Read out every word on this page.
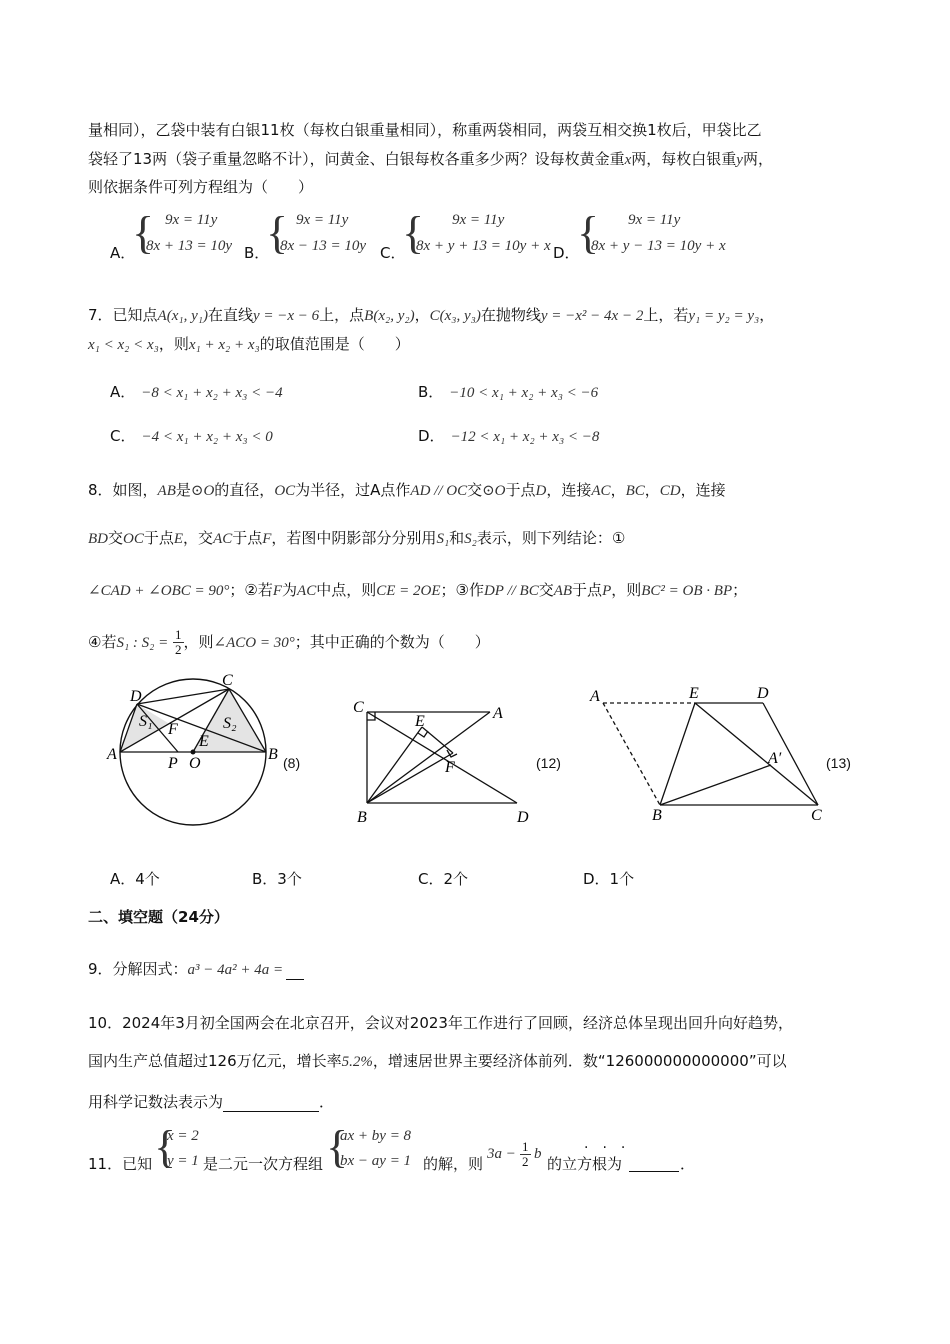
量相同），乙袋中装有白银11枚（每枚白银重量相同），称重两袋相同，两袋互相交换1枚后，甲袋比乙
袋轻了13两（袋子重量忽略不计），问黄金、白银每枚各重多少两？设每枚黄金重x两，每枚白银重y两，
则依据条件可列方程组为（　　）
A．
{ 9x = 11y
8x + 13 = 10y B．
{ 9x = 11y
8x − 13 = 10y C．
{ 9x = 11y
8x + y + 13 = 10y + x D．
{ 9x = 11y
8x + y − 13 = 10y + x
7．已知点A(x₁, y₁)在直线y = −x − 6上，点B(x₂, y₂)，C(x₃, y₃)在抛物线y = −x² − 4x − 2上，若y₁ = y₂ = y₃，
x₁ < x₂ < x₃，则x₁ + x₂ + x₃的取值范围是（　　）
A． −8 < x₁ + x₂ + x₃ < −4	B． −10 < x₁ + x₂ + x₃ < −6
C． −4 < x₁ + x₂ + x₃ < 0	D． −12 < x₁ + x₂ + x₃ < −8
8．如图，AB是⊙O的直径，OC为半径，过A点作AD // OC交⊙O于点D，连接AC，BC，CD，连接
BD交OC于点E，交AC于点F，若图中阴影部分分别用S₁和S₂表示，则下列结论：①
∠CAD + ∠OBC = 90°；②若F为AC中点，则CE = 2OE；③作DP // BC交AB于点P，则BC² = OB · BP；
④若S₁ : $S_2 = \frac{1}{2}$ ，则∠ACO = 30°；其中正确的个数为（　　）
D
C
S₁	S₂
F
E
A
P O
B (8)
C
E	A
F
B	D
(12)
A	E	D
A′
B	C
(13)
A．4个	B．3个	C．2个	D．1个
二、填空题（24分）
9．分解因式：a³ − 4a² + 4a =
10．2024年3月初全国两会在北京召开，会议对2023年工作进行了回顾，经济总体呈现出回升向好趋势，
国内生产总值超过126万亿元，增长率5.2%，增速居世界主要经济体前列．数“126000000000000”可以
用科学记数法表示为	．
11．已知 {
x = 2
y = 1 是二元一次方程组 {
ax + by = 8
bx − ay = 1 的解，则
$3a - \frac{1}{2}$ b
的立方根为
···

．
